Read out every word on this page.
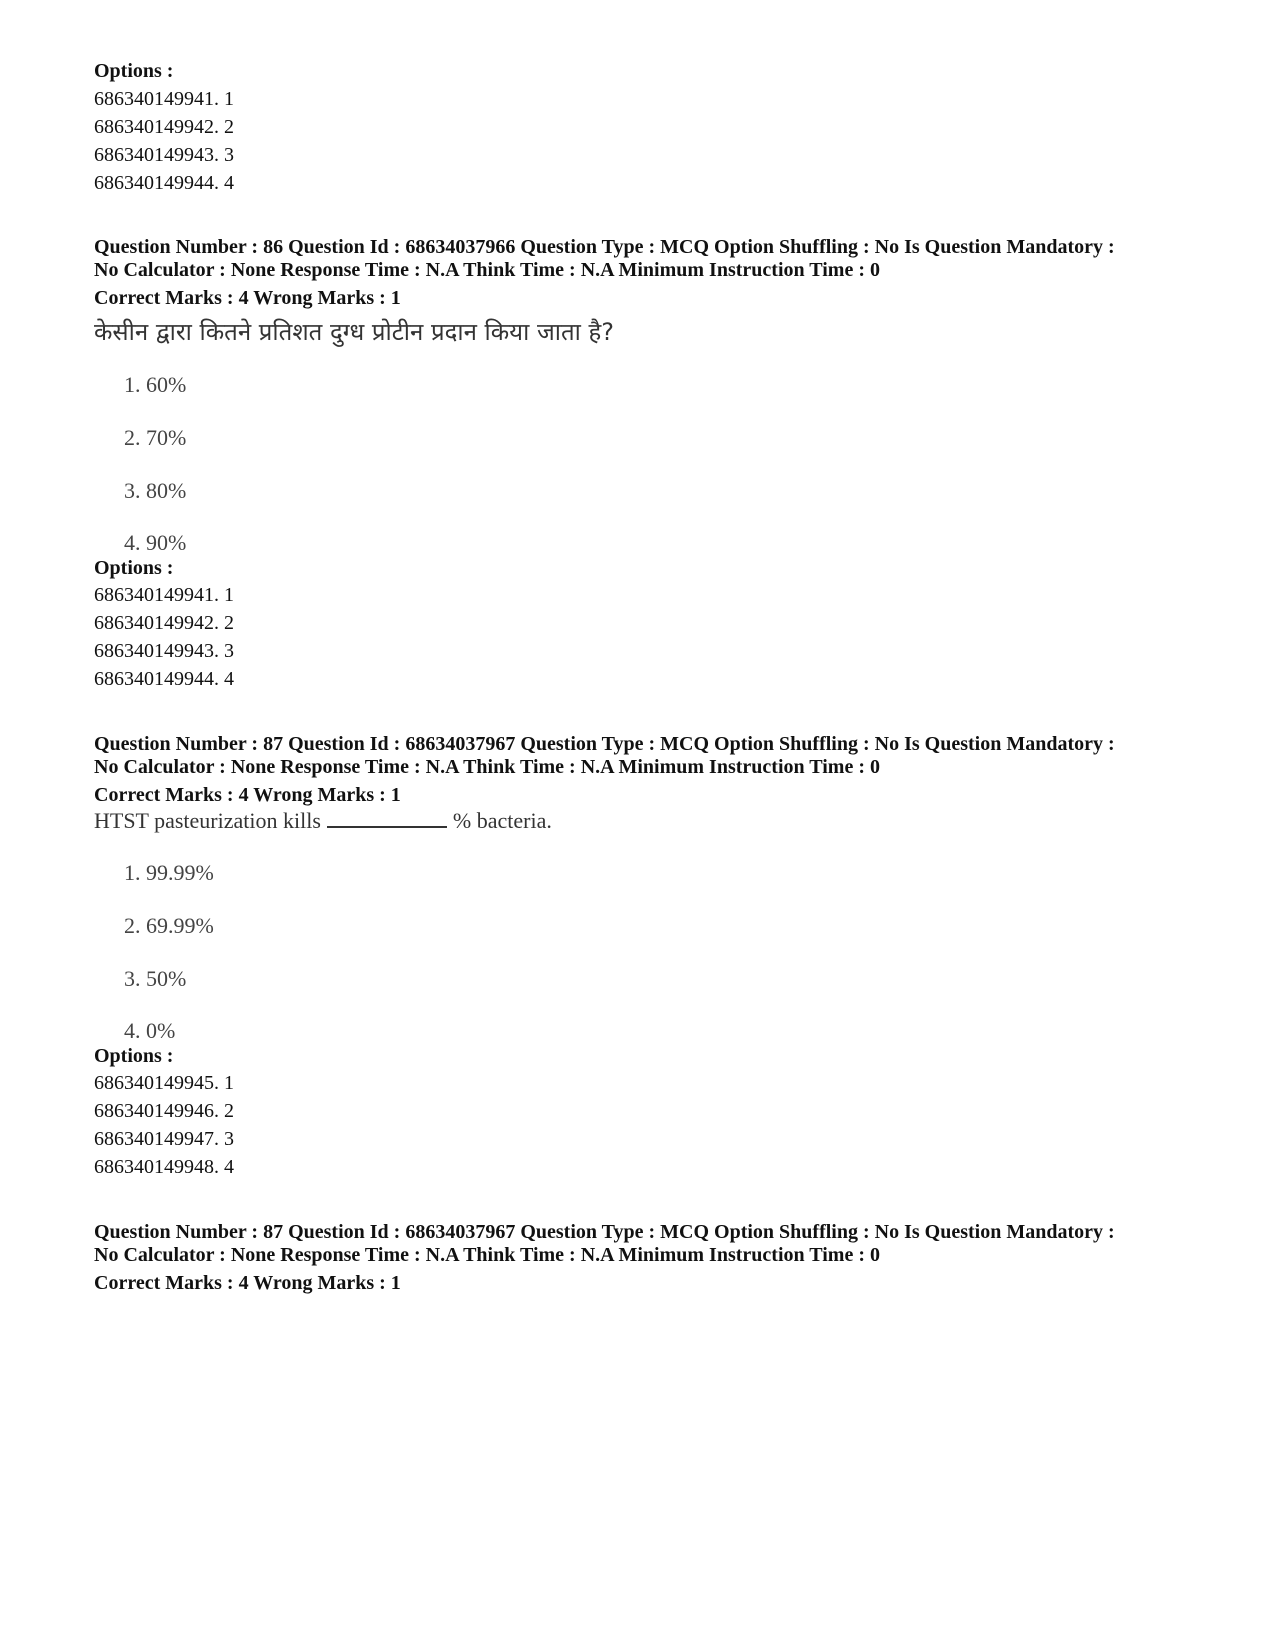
Options :
686340149941. 1
686340149942. 2
686340149943. 3
686340149944. 4
Question Number : 86 Question Id : 68634037966 Question Type : MCQ Option Shuffling : No Is Question Mandatory :
No Calculator : None Response Time : N.A Think Time : N.A Minimum Instruction Time : 0
Correct Marks : 4 Wrong Marks : 1
केसीन द्वारा कितने प्रतिशत दुग्ध प्रोटीन प्रदान किया जाता है?
1. 60%
2. 70%
3. 80%
4. 90%
Options :
686340149941. 1
686340149942. 2
686340149943. 3
686340149944. 4
Question Number : 87 Question Id : 68634037967 Question Type : MCQ Option Shuffling : No Is Question Mandatory :
No Calculator : None Response Time : N.A Think Time : N.A Minimum Instruction Time : 0
Correct Marks : 4 Wrong Marks : 1
HTST pasteurization kills	% bacteria.
1. 99.99%
2. 69.99%
3. 50%
4. 0%
Options :
686340149945. 1
686340149946. 2
686340149947. 3
686340149948. 4
Question Number : 87 Question Id : 68634037967 Question Type : MCQ Option Shuffling : No Is Question Mandatory :
No Calculator : None Response Time : N.A Think Time : N.A Minimum Instruction Time : 0
Correct Marks : 4 Wrong Marks : 1
